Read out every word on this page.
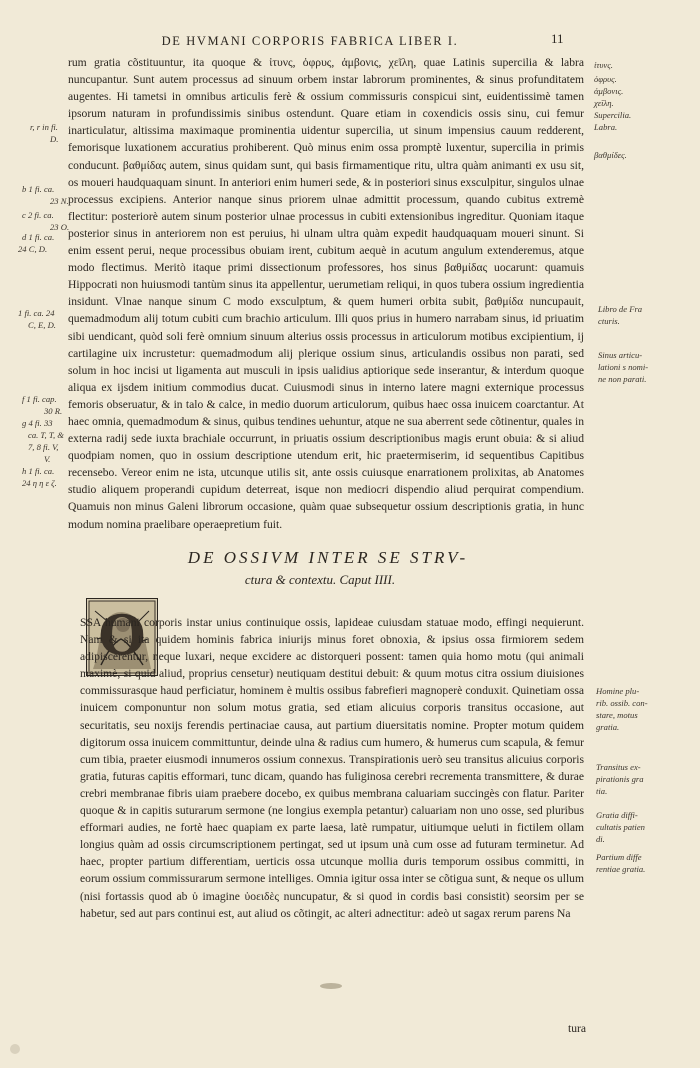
DE HVMANI CORPORIS FABRICA LIBER I.	11

rum gratia cõstituuntur, ita quoque & ἰτυνς, ὀφρυς, ἀμβονις, χεῖλη, quae Latinis supercilia & labra nuncupantur. Sunt autem processus ad sinuum orbem instar labrorum prominentes, & sinus profunditatem augentes. Hi tametsi in omnibus articulis ferè & ossium commissuris conspicui sint, euidentissimè tamen ipsorum naturam in profundissimis sinibus ostendunt. Quare etiam in coxendicis ossis sinu, cui femur inarticulatur, altissima maximaque prominentia uidentur supercilia, ut sinum impensius cauum redderent, femorisque luxationem accuratius prohiberent. Quò minus enim ossa promptè luxentur, supercilia in primis conducunt. βαθμίδας autem, sinus quidam sunt, qui basis firmamentique ritu, ultra quàm animanti ex usu sit, os moueri haudquaquam sinunt. In anteriori enim humeri sede, & in posteriori sinus exsculpitur, singulos ulnae processus excipiens. Anterior nanque sinus priorem ulnae admittit processum, quando cubitus extremè flectitur: posteriorè autem sinum posterior ulnae processus in cubiti extensionibus ingreditur. Quoniam itaque posterior sinus in anteriorem non est peruius, hi ulnam ultra quàm expedit haudquaquam moueri sinunt. Si enim essent perui, neque processibus obuiam irent, cubitum aequè in acutum angulum extenderemus, atque modo flectimus. Meritò itaque primi dissectionum professores, hos sinus βαθμίδας uocarunt: quamuis Hippocrati non huiusmodi tantùm sinus ita appellentur, uerumetiam reliqui, in quos tubera ossium ingredientia insidunt. Vlnae nanque sinum C modo exsculptum, & quem humeri orbita subit, βαθμίδα nuncupauit, quemadmodum alij totum cubiti cum brachio articulum. Illi quos prius in humero narrabam sinus, id priuatim sibi uendicant, quòd soli ferè omnium sinuum alterius ossis processus in articulorum motibus excipientium, ij cartilagine uix incrustetur: quemadmodum alij plerique ossium sinus, articulandis ossibus non parati, sed solum in hoc incisi ut ligamenta aut musculi in ipsis ualidius aptiorique sede inserantur, & interdum quoque aliqua ex ijsdem initium commodius ducat. Cuiusmodi sinus in interno latere magni externique processus femoris obseruatur, & in talo & calce, in medio duorum articulorum, quibus haec ossa inuicem coarctantur. At haec omnia, quemadmodum & sinus, quibus tendines uehuntur, atque ne sua aberrent sede cõtinentur, quales in externa radij sede iuxta brachiale occurrunt, in priuatis ossium descriptionibus magis erunt obuia: & si aliud quodpiam nomen, quo in ossium descriptione utendum erit, hic praetermiserim, id sequentibus Capitibus recensebo. Vereor enim ne ista, utcunque utilis sit, ante ossis cuiusque enarrationem prolixitas, ab Anatomes studio aliquem properandi cupidum deterreat, isque non mediocri dispendio aliud perquirat compendium. Quamuis non minus Galeni librorum occasione, quàm quae subsequetur ossium descriptionis gratia, in hunc modum nomina praelibare operaepretium fuit.

DE OSSIVM INTER SE STRV-
ctura & contextu. Caput IIII.
O

SSA humani corporis instar unius continuique ossis, lapideae cuiusdam statuae modo, effingi nequierunt. Nam & si ita quidem hominis fabrica iniurijs minus foret obnoxia, & ipsius ossa firmiorem sedem adipiscerentur, neque luxari, neque excidere ac distorqueri possent: tamen quia homo motu (qui animali maximè, si quid aliud, proprius censetur) neutiquam destitui debuit: & quum motus citra ossium diuisiones commissurasque haud perficiatur, hominem è multis ossibus fabrefieri magnoperè conduxit. Quinetiam ossa inuicem componuntur non solum motus gratia, sed etiam alicuius corporis transitus occasione, aut securitatis, seu noxijs ferendis pertinaciae causa, aut partium diuersitatis nomine. Propter motum quidem digitorum ossa inuicem committuntur, deinde ulna & radius cum humero, & humerus cum scapula, & femur cum tibia, praeter eiusmodi innumeros ossium connexus. Transpirationis uerò seu transitus alicuius corporis gratia, futuras capitis efformari, tunc dicam, quando has fuliginosa cerebri recrementa transmittere, & durae crebri membranae fibris uiam praebere docebo, ex quibus membrana caluariam succingès con flatur. Pariter quoque & in capitis suturarum sermone (ne longius exempla petantur) caluariam non uno osse, sed pluribus efformari audies, ne fortè haec quapiam ex parte laesa, latè rumpatur, uitiumque ueluti in fictilem ollam longius quàm ad ossis circumscriptionem pertingat, sed ut ipsum unà cum osse ad futuram terminetur. Ad haec, propter partium differentiam, uerticis ossa utcunque mollia duris temporum ossibus committi, in eorum ossium commissurarum sermone intelliges. Omnia igitur ossa inter se cõtigua sunt, & neque os ullum (nisi fortassis quod ab ὑ imagine ὑοειδὲς nuncupatur, & si quod in cordis basi consistit) seorsim per se habetur, sed aut pars continui est, aut aliud os cõtingit, ac alteri adnectitur: adeò ut sagax rerum parens Na

r, r in fi.
D.
b 1 fi. ca.
23 N.
c 2 fi. ca.
23 O.
d 1 fi. ca.
24 C, D.
1 fi. ca. 24
C, E, D.
f 1 fi. cap.
30 R.
g 4 fi. 33
ca. T, T, &
7, 8 fi. V,
V.
h 1 fi. ca.
24 η η ε ζ.
ἰτυνς.
ὀφρυς.
ἀμβονις.
χεῖλη.
Supercilia.
Labra.
βαθμίδες.
Libro de Fra
cturis.
Sinus articu-
lationi s nomi-
ne non parati.
Homine plu-
rib. ossib. con-
stare, motus
gratia.
Transitus ex-
pirationis gra
tia.
Gratia diffi-
cultatis patien
di.
Partium diffe
rentiae gratia.
tura
